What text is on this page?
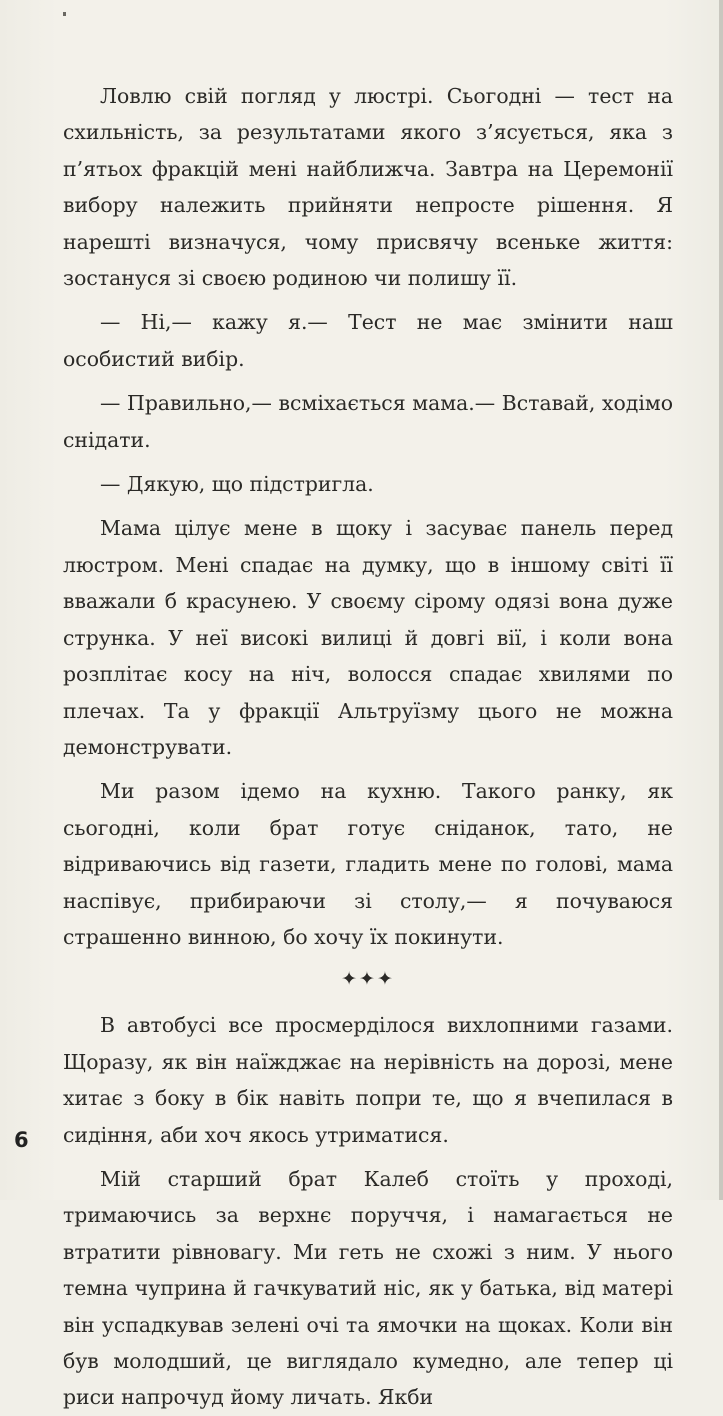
Ловлю свій погляд у люстрі. Сьогодні — тест на схильність, за результатами якого з’ясується, яка з п’ятьох фракцій мені найближча. Завтра на Церемонії вибору належить прийняти непросте рішення. Я нарешті визначуся, чому присвячу всеньке життя: зостануся зі своєю родиною чи полишу її.

— Ні,— кажу я.— Тест не має змінити наш особистий вибір.

— Правильно,— всміхається мама.— Вставай, ходімо снідати.

— Дякую, що підстригла.

Мама цілує мене в щоку і засуває панель перед люстром. Мені спадає на думку, що в іншому світі її вважали б красунею. У своєму сірому одязі вона дуже струнка. У неї високі вилиці й довгі вії, і коли вона розплітає косу на ніч, волосся спадає хвилями по плечах. Та у фракції Альтруїзму цього не можна демонструвати.

Ми разом ідемо на кухню. Такого ранку, як сьогодні, коли брат готує сніданок, тато, не відриваючись від газети, гладить мене по голові, мама наспівує, прибираючи зі столу,— я почуваюся страшенно винною, бо хочу їх покинути.

✦✦✦

В автобусі все просмерділося вихлопними газами. Щоразу, як він наїжджає на нерівність на дорозі, мене хитає з боку в бік навіть попри те, що я вчепилася в сидіння, аби хоч якось утриматися.

Мій старший брат Калеб стоїть у проході, тримаючись за верхнє поруччя, і намагається не втратити рівновагу. Ми геть не схожі з ним. У нього темна чуприна й гачкуватий ніс, як у батька, від матері він успадкував зелені очі та ямочки на щоках. Коли він був молодший, це виглядало кумедно, але тепер ці риси напрочуд йому личать. Якби

6
